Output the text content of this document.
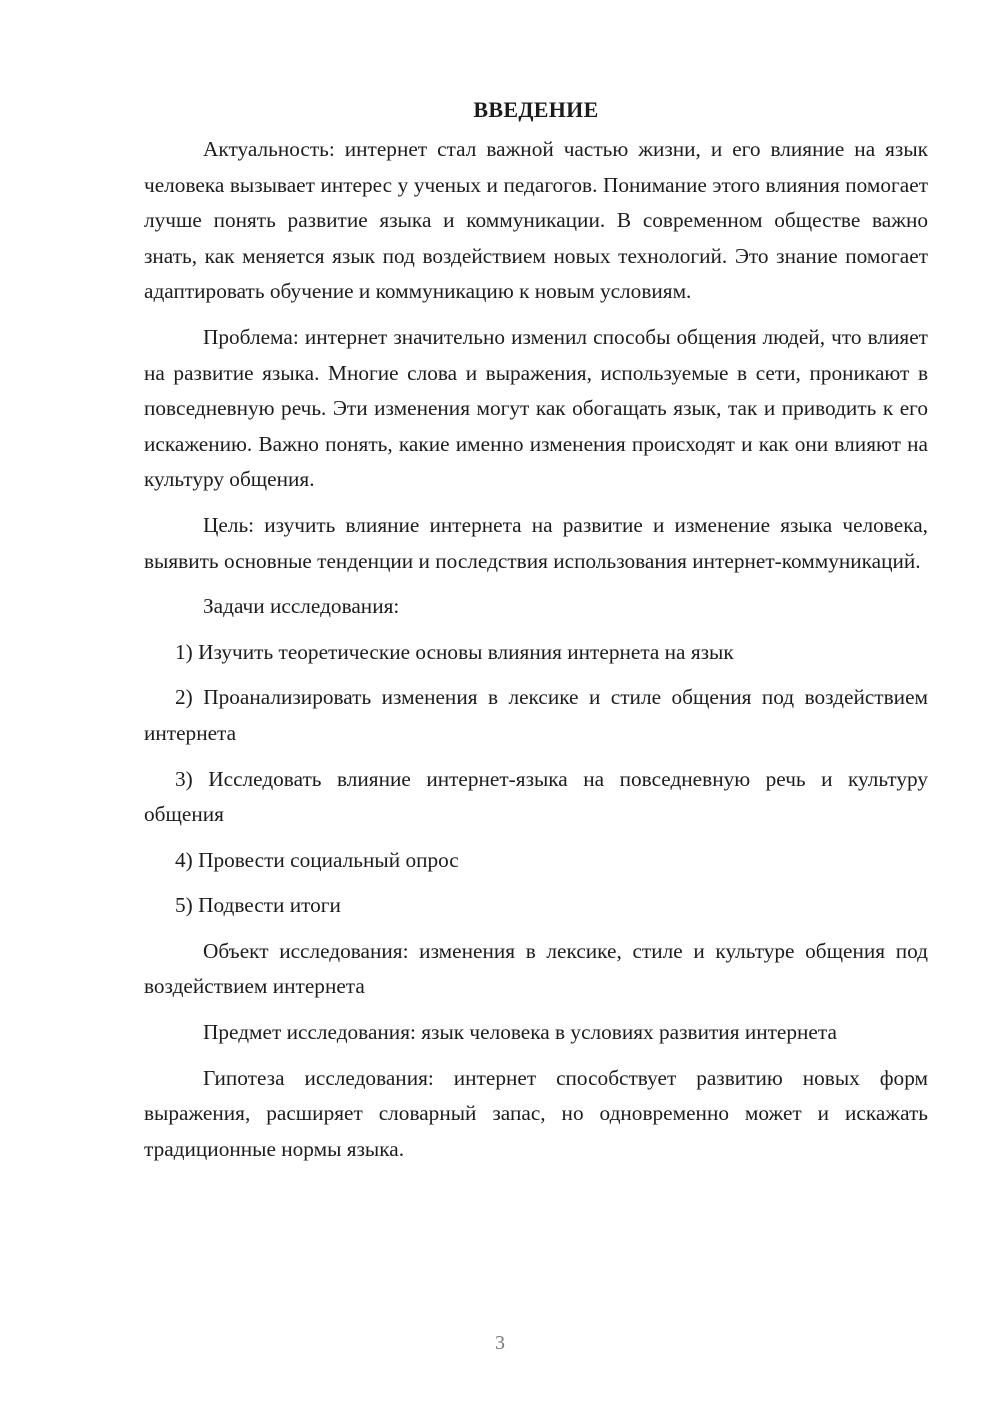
ВВЕДЕНИЕ

Актуальность: интернет стал важной частью жизни, и его влияние на язык человека вызывает интерес у ученых и педагогов. Понимание этого влияния помогает лучше понять развитие языка и коммуникации. В современном обществе важно знать, как меняется язык под воздействием новых технологий. Это знание помогает адаптировать обучение и коммуникацию к новым условиям.

Проблема: интернет значительно изменил способы общения людей, что влияет на развитие языка. Многие слова и выражения, используемые в сети, проникают в повседневную речь. Эти изменения могут как обогащать язык, так и приводить к его искажению. Важно понять, какие именно изменения происходят и как они влияют на культуру общения.

Цель: изучить влияние интернета на развитие и изменение языка человека, выявить основные тенденции и последствия использования интернет-коммуникаций.

Задачи исследования:

1) Изучить теоретические основы влияния интернета на язык

2) Проанализировать изменения в лексике и стиле общения под воздействием интернета

3) Исследовать влияние интернет-языка на повседневную речь и культуру общения

4) Провести социальный опрос

5) Подвести итоги

Объект исследования: изменения в лексике, стиле и культуре общения под воздействием интернета

Предмет исследования: язык человека в условиях развития интернета

Гипотеза исследования: интернет способствует развитию новых форм выражения, расширяет словарный запас, но одновременно может и искажать традиционные нормы языка.

3
